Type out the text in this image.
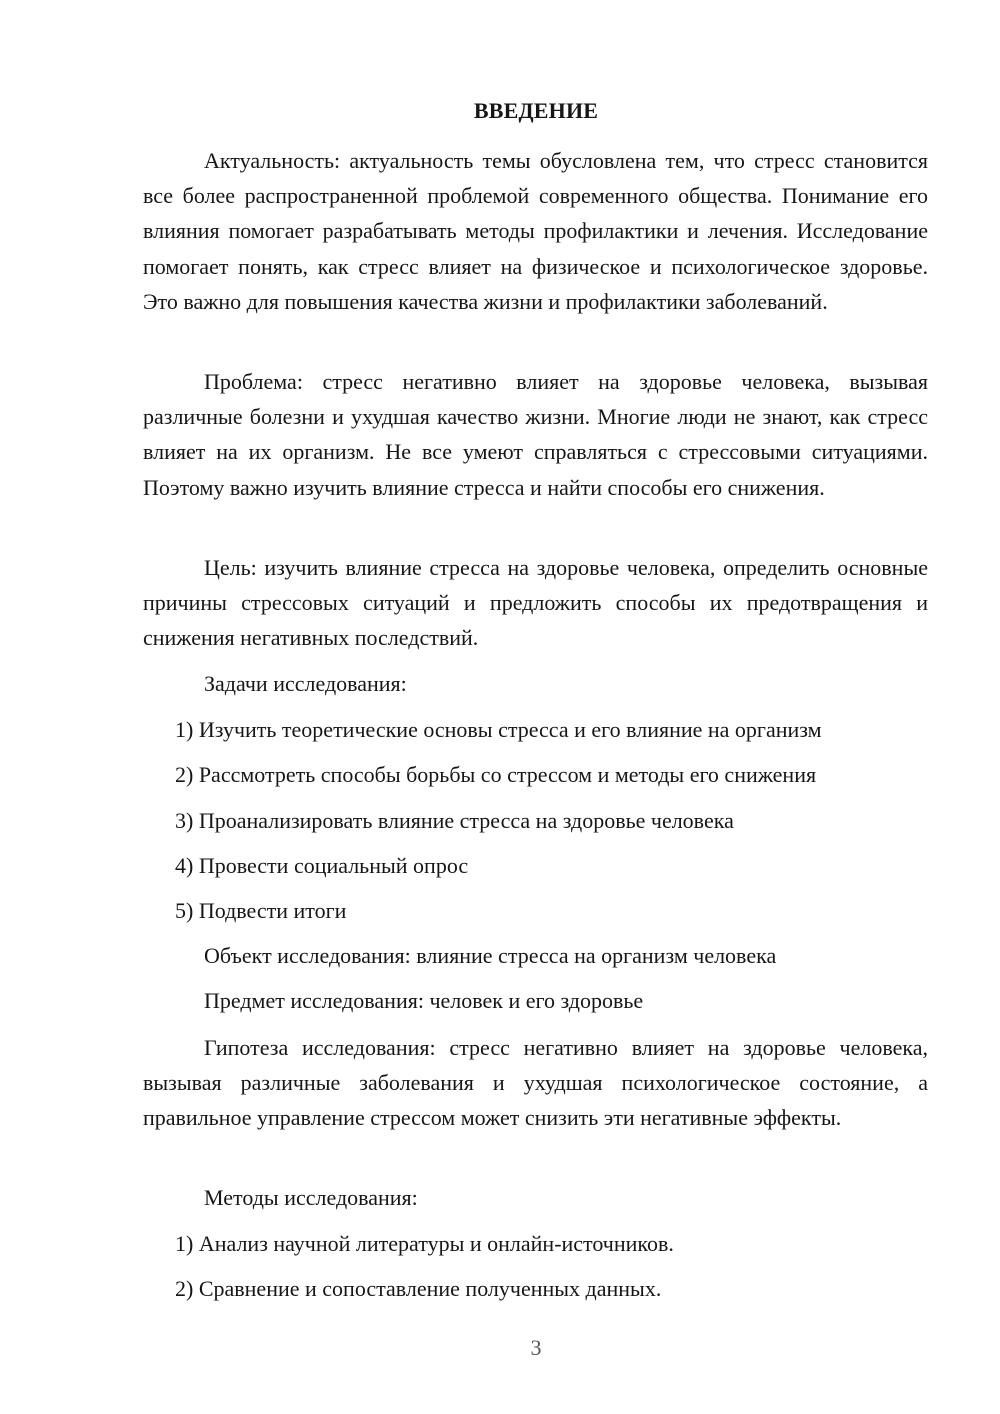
ВВЕДЕНИЕ

Актуальность: актуальность темы обусловлена тем, что стресс становится все более распространенной проблемой современного общества. Понимание его влияния помогает разрабатывать методы профилактики и лечения. Исследование помогает понять, как стресс влияет на физическое и психологическое здоровье. Это важно для повышения качества жизни и профилактики заболеваний.

Проблема: стресс негативно влияет на здоровье человека, вызывая различные болезни и ухудшая качество жизни. Многие люди не знают, как стресс влияет на их организм. Не все умеют справляться с стрессовыми ситуациями. Поэтому важно изучить влияние стресса и найти способы его снижения.

Цель: изучить влияние стресса на здоровье человека, определить основные причины стрессовых ситуаций и предложить способы их предотвращения и снижения негативных последствий.

Задачи исследования:

1) Изучить теоретические основы стресса и его влияние на организм

2) Рассмотреть способы борьбы со стрессом и методы его снижения

3) Проанализировать влияние стресса на здоровье человека

4) Провести социальный опрос

5) Подвести итоги

Объект исследования: влияние стресса на организм человека

Предмет исследования: человек и его здоровье

Гипотеза исследования: стресс негативно влияет на здоровье человека, вызывая различные заболевания и ухудшая психологическое состояние, а правильное управление стрессом может снизить эти негативные эффекты.

Методы исследования:

1) Анализ научной литературы и онлайн-источников.

2) Сравнение и сопоставление полученных данных.

3
